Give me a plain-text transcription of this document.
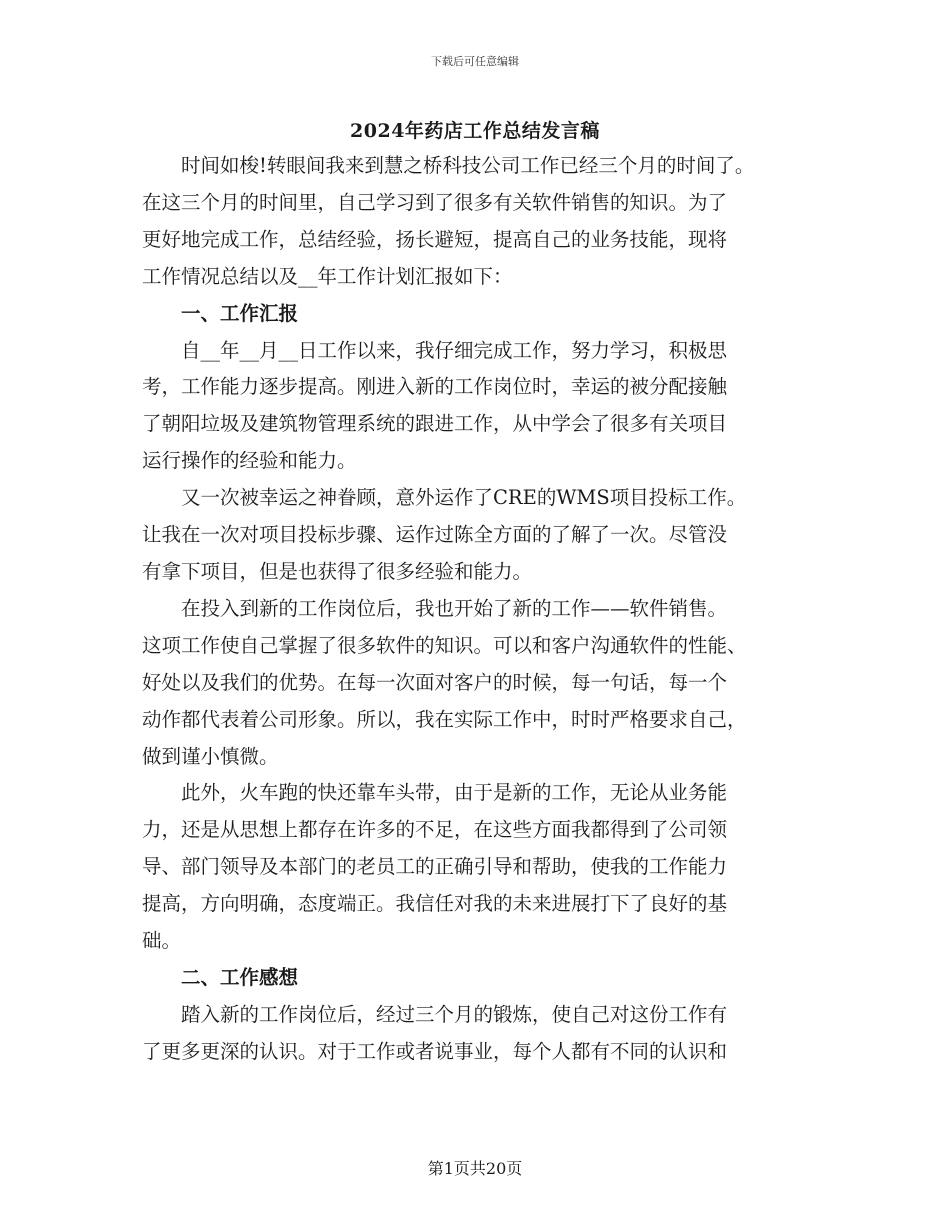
下载后可任意编辑
2024年药店工作总结发言稿
时间如梭!转眼间我来到慧之桥科技公司工作已经三个月的时间了。
在这三个月的时间里，自己学习到了很多有关软件销售的知识。为了
更好地完成工作，总结经验，扬长避短，提高自己的业务技能，现将
工作情况总结以及__年工作计划汇报如下：
一、工作汇报
自__年__月__日工作以来，我仔细完成工作，努力学习，积极思
考，工作能力逐步提高。刚进入新的工作岗位时，幸运的被分配接触
了朝阳垃圾及建筑物管理系统的跟进工作，从中学会了很多有关项目
运行操作的经验和能力。
又一次被幸运之神眷顾，意外运作了CRE的WMS项目投标工作。
让我在一次对项目投标步骤、运作过陈全方面的了解了一次。尽管没
有拿下项目，但是也获得了很多经验和能力。
在投入到新的工作岗位后，我也开始了新的工作——软件销售。
这项工作使自己掌握了很多软件的知识。可以和客户沟通软件的性能、
好处以及我们的优势。在每一次面对客户的时候，每一句话，每一个
动作都代表着公司形象。所以，我在实际工作中，时时严格要求自己，
做到谨小慎微。
此外，火车跑的快还靠车头带，由于是新的工作，无论从业务能
力，还是从思想上都存在许多的不足，在这些方面我都得到了公司领
导、部门领导及本部门的老员工的正确引导和帮助，使我的工作能力
提高，方向明确，态度端正。我信任对我的未来进展打下了良好的基
础。
二、工作感想
踏入新的工作岗位后，经过三个月的锻炼，使自己对这份工作有
了更多更深的认识。对于工作或者说事业，每个人都有不同的认识和
第1页共20页
